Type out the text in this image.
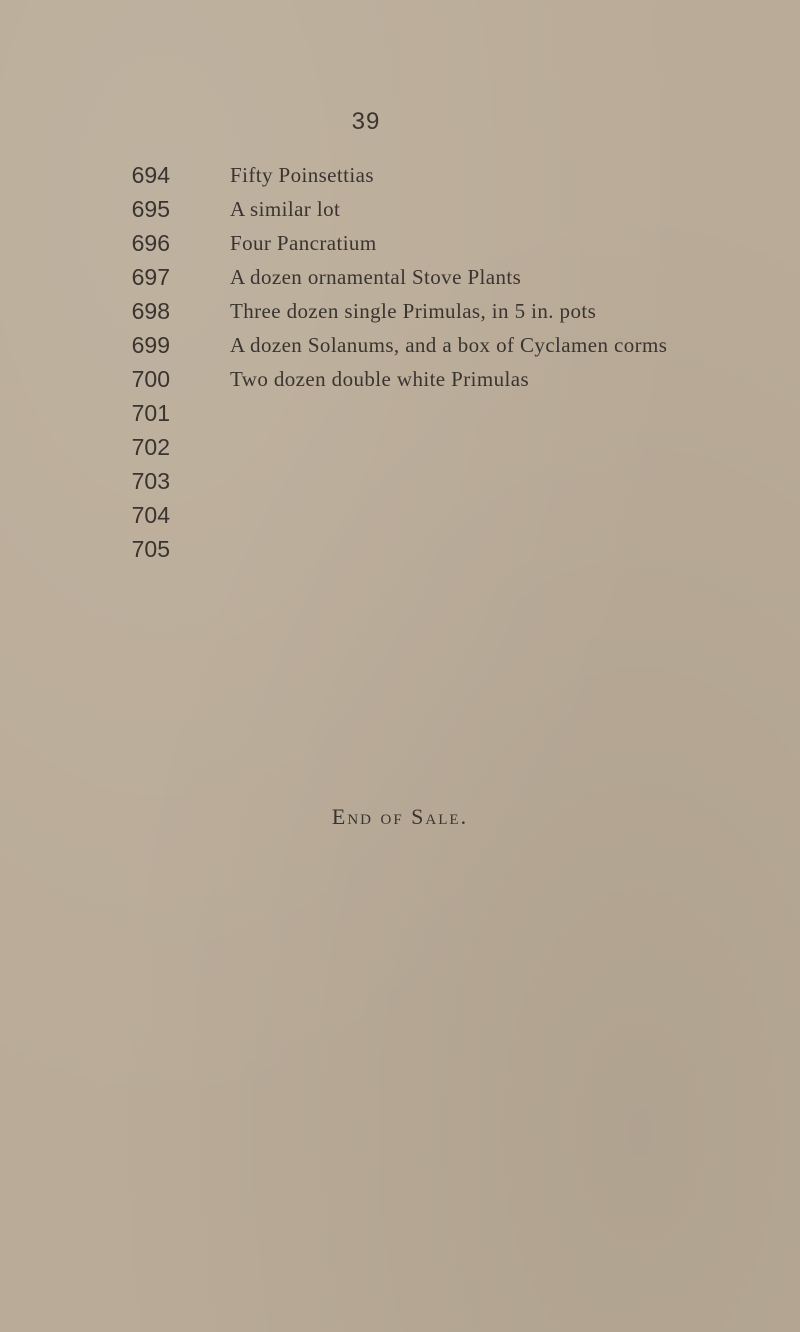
39
694	Fifty Poinsettias
695	A similar lot
696	Four Pancratium
697	A dozen ornamental Stove Plants
698	Three dozen single Primulas, in 5 in. pots
699	A dozen Solanums, and a box of Cyclamen corms
700	Two dozen double white Primulas
701
702
703
704
705
End of Sale.
